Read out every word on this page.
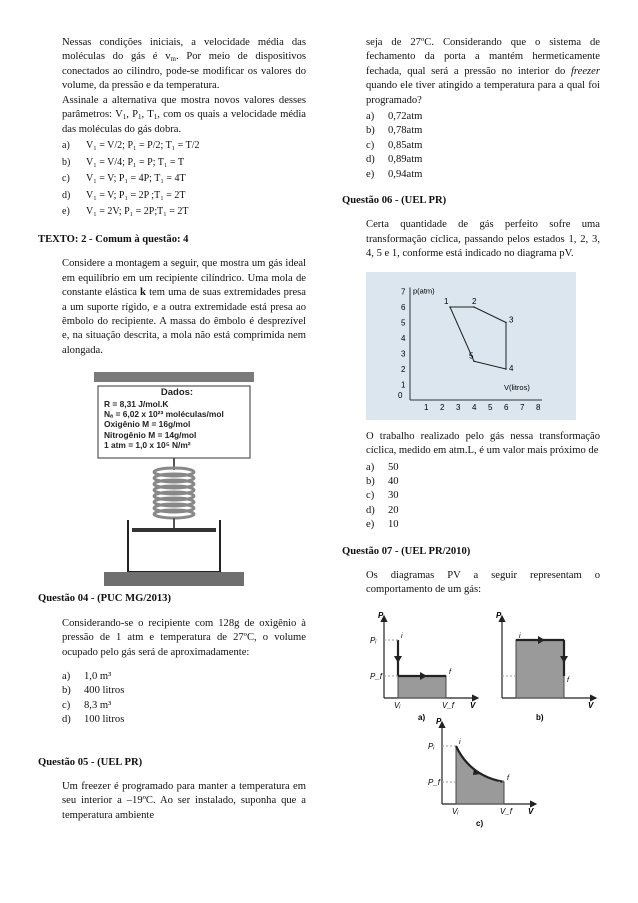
Nessas condições iniciais, a velocidade média das moléculas do gás é $v_m$. Por meio de dispositivos conectados ao cilindro, pode-se modificar os valores do volume, da pressão e da temperatura.
Assinale a alternativa que mostra novos valores desses parâmetros: $V_1$, $P_1$, $T_1$, com os quais a velocidade média das moléculas do gás dobra.
a)	V₁ = V/2; P₁ = P/2; T₁ = T/2
b)	V₁ = V/4; P₁ = P; T₁ = T
c)	V₁ = V; P₁ = 4P; T₁ = 4T
d)	V₁ = V; P₁ = 2P ;T₁ = 2T
e)	V₁ = 2V; P₁ = 2P;T₁ = 2T
TEXTO: 2 - Comum à questão: 4
Considere a montagem a seguir, que mostra um gás ideal em equilíbrio em um recipiente cilíndrico. Uma mola de constante elástica k tem uma de suas extremidades presa a um suporte rígido, e a outra extremidade está presa ao êmbolo do recipiente. A massa do êmbolo é desprezível e, na situação descrita, a mola não está comprimida nem alongada.
Dados:
R = 8,31 J/mol.K
Nₐ = 6,02 x 10²³ moléculas/mol
Oxigênio M = 16g/mol
Nitrogênio M = 14g/mol
1 atm = 1,0 x 10⁵ N/m²
Questão 04 - (PUC MG/2013)
Considerando-se o recipiente com 128g de oxigênio à pressão de 1 atm e temperatura de 27ºC, o volume ocupado pelo gás será de aproximadamente:
a)	1,0 m³
b)	400 litros
c)	8,3 m³
d)	100 litros
Questão 05 - (UEL PR)
Um freezer é programado para manter a temperatura em seu interior a –19ºC. Ao ser instalado, suponha que a temperatura ambiente
seja de 27ºC. Considerando que o sistema de fechamento da porta a mantém hermeticamente fechada, qual será a pressão no interior do freezer quando ele tiver atingido a temperatura para a qual foi programado?
a)	0,72atm
b)	0,78atm
c)	0,85atm
d)	0,89atm
e)	0,94atm
Questão 06 - (UEL PR)
Certa quantidade de gás perfeito sofre uma transformação cíclica, passando pelos estados 1, 2, 3, 4, 5 e 1, conforme está indicado no diagrama pV.
0
1 2 3 4 5 6 7 8
1
2
3
4
5
6
7 p(atm)
V(litros)
1	2
3
4
5
O trabalho realizado pelo gás nessa transformação cíclica, medido em atm.L, é um valor mais próximo de
a)	50
b)	40
c)	30
d)	20
e)	10
Questão 07 - (UEL PR/2010)
Os diagramas PV a seguir representam o comportamento de um gás:
P
V
Pᵢ
P_f
Vᵢ	V_f
i
f
a)
P
V
i
f
b)
P
V
Pᵢ
P_f
Vᵢ	V_f
i
f
c)
